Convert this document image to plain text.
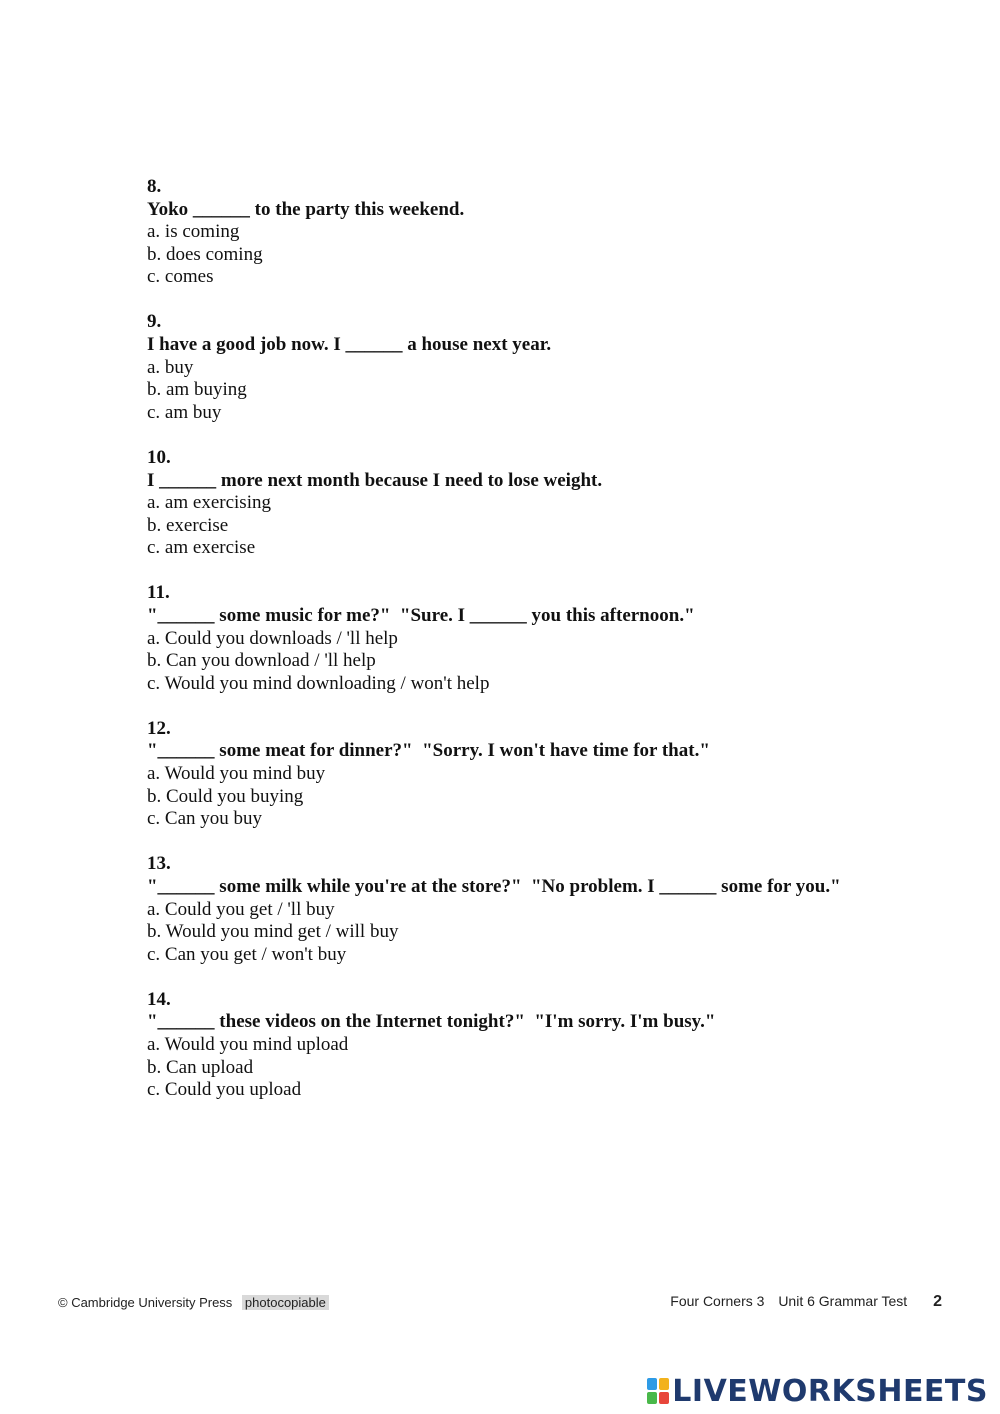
8.
Yoko ______ to the party this weekend.
a. is coming
b. does coming
c. comes
9.
I have a good job now. I ______ a house next year.
a. buy
b. am buying
c. am buy
10.
I ______ more next month because I need to lose weight.
a. am exercising
b. exercise
c. am exercise
11.
"______ some music for me?"  "Sure. I ______ you this afternoon."
a. Could you downloads / 'll help
b. Can you download / 'll help
c. Would you mind downloading / won't help
12.
"______ some meat for dinner?"  "Sorry. I won't have time for that."
a. Would you mind buy
b. Could you buying
c. Can you buy
13.
"______ some milk while you're at the store?"  "No problem. I ______ some for you."
a. Could you get / 'll buy
b. Would you mind get / will buy
c. Can you get / won't buy
14.
"______ these videos on the Internet tonight?"  "I'm sorry. I'm busy."
a. Would you mind upload
b. Can upload
c. Could you upload
© Cambridge University Press photocopiable	Four Corners 3 Unit 6 Grammar Test 2
LIVEWORKSHEETS
